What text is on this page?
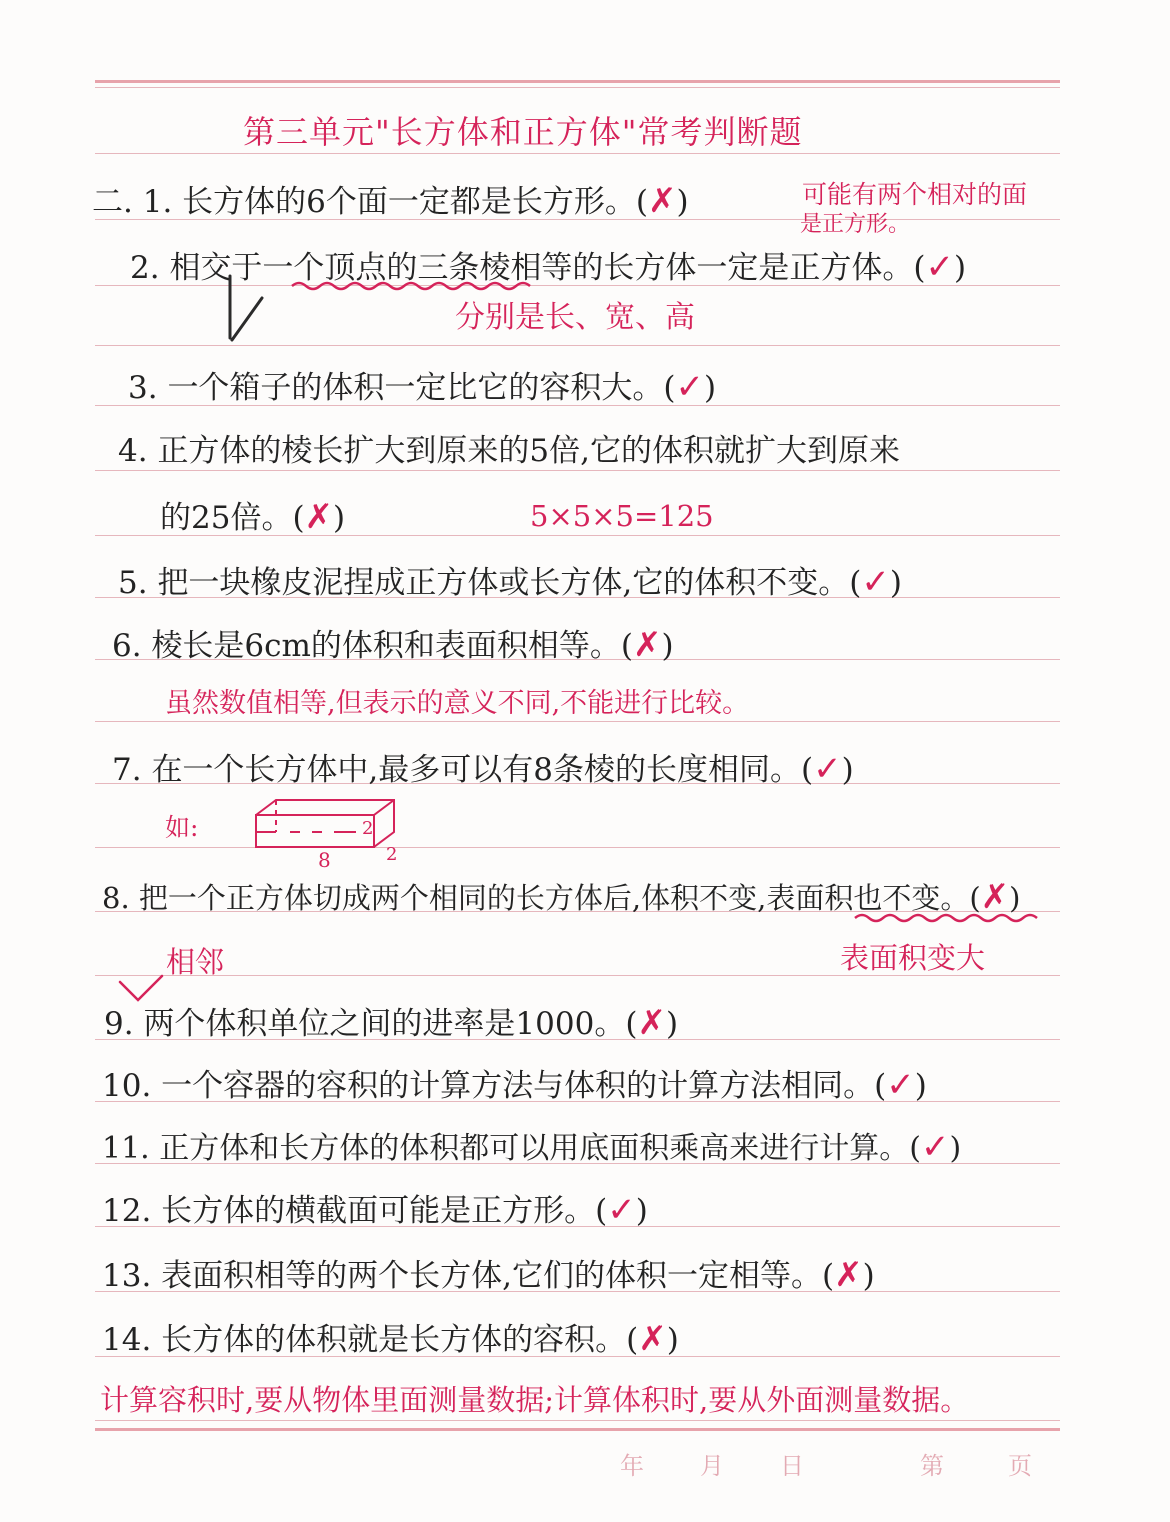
第三单元"长方体和正方体"常考判断题
二. 1. 长方体的6个面一定都是长方形。(✗)	可能有两个相对的面
是正方形。
2. 相交于一个顶点的三条棱相等的长方体一定是正方体。(✓)
分别是长、宽、高
3. 一个箱子的体积一定比它的容积大。(✓)
4. 正方体的棱长扩大到原来的5倍,它的体积就扩大到原来
的25倍。(✗)	5×5×5=125
5. 把一块橡皮泥捏成正方体或长方体,它的体积不变。(✓)
6. 棱长是6cm的体积和表面积相等。(✗)
虽然数值相等,但表示的意义不同,不能进行比较。
7. 在一个长方体中,最多可以有8条棱的长度相同。(✓)
如:	2
8	2
8. 把一个正方体切成两个相同的长方体后,体积不变,表面积也不变。(✗)
表面积变大
相邻
9. 两个体积单位之间的进率是1000。(✗)
10. 一个容器的容积的计算方法与体积的计算方法相同。(✓)
11. 正方体和长方体的体积都可以用底面积乘高来进行计算。(✓)
12. 长方体的横截面可能是正方形。(✓)
13. 表面积相等的两个长方体,它们的体积一定相等。(✗)
14. 长方体的体积就是长方体的容积。(✗)
计算容积时,要从物体里面测量数据;计算体积时,要从外面测量数据。
年 月 日	第	页
